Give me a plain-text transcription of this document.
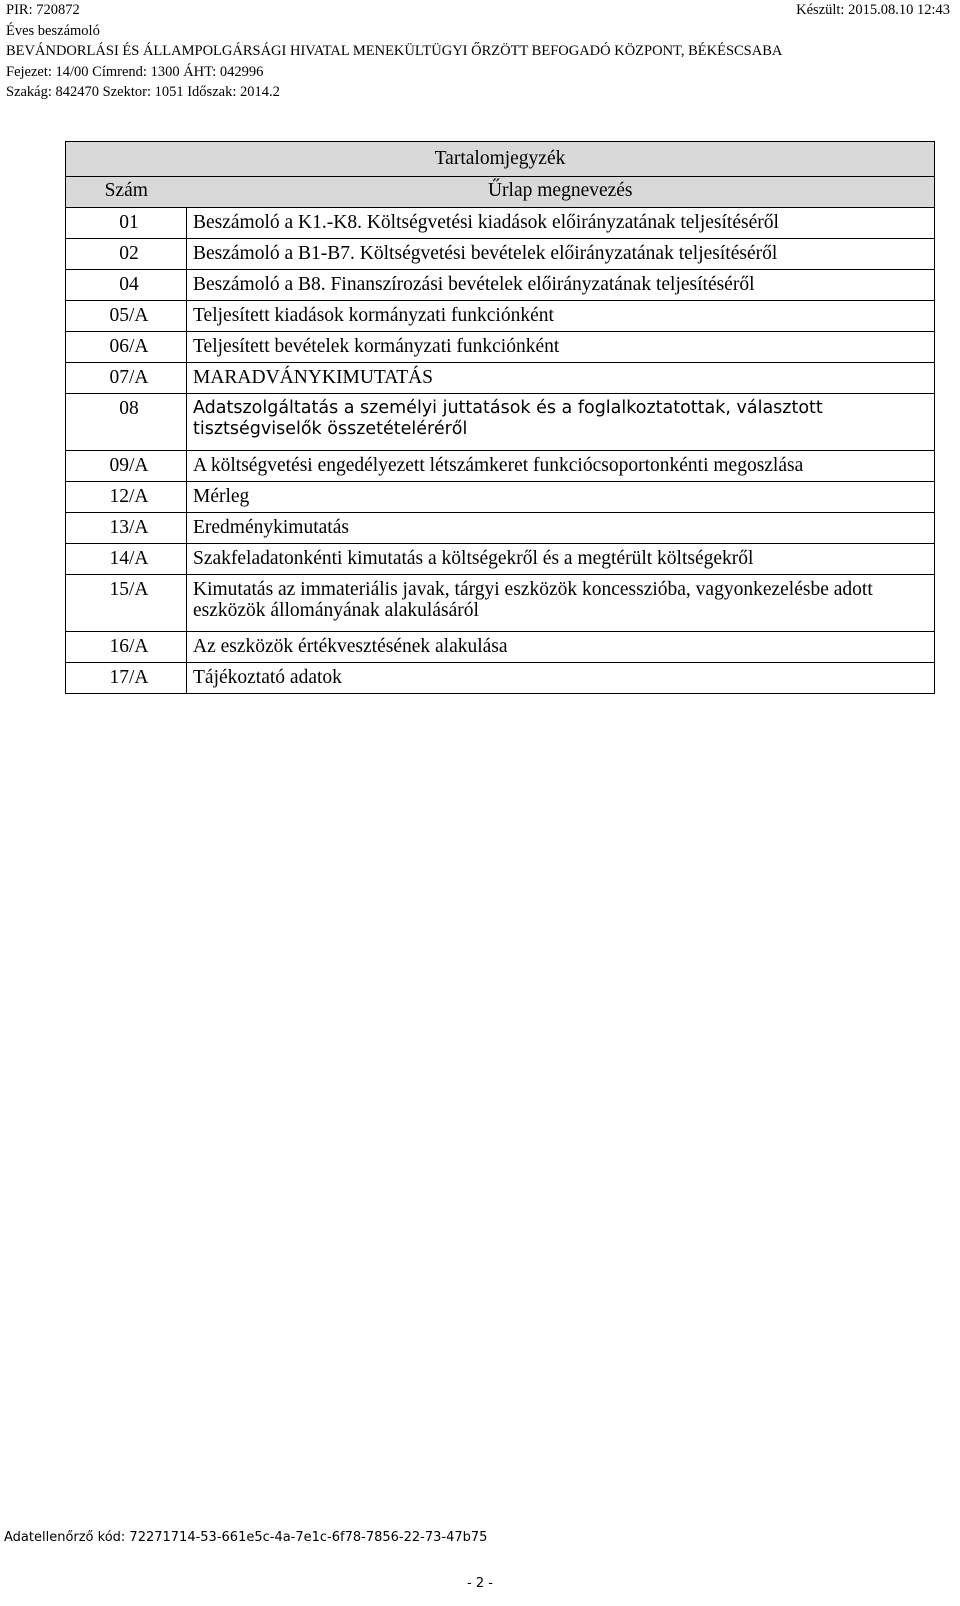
PIR: 720872	Készült: 2015.08.10 12:43
Éves beszámoló
BEVÁNDORLÁSI ÉS ÁLLAMPOLGÁRSÁGI HIVATAL MENEKÜLTÜGYI ŐRZÖTT BEFOGADÓ KÖZPONT, BÉKÉSCSABA
Fejezet: 14/00 Címrend: 1300 ÁHT: 042996
Szakág: 842470 Szektor: 1051 Időszak: 2014.2
Tartalomjegyzék	
Szám	Űrlap megnevezés
01	Beszámoló a K1.-K8. Költségvetési kiadások előirányzatának teljesítéséről
02	Beszámoló a B1-B7. Költségvetési bevételek előirányzatának teljesítéséről
04	Beszámoló a B8. Finanszírozási bevételek előirányzatának teljesítéséről
05/A	Teljesített kiadások kormányzati funkciónként
06/A	Teljesített bevételek kormányzati funkciónként
07/A	MARADVÁNYKIMUTATÁS
08	Adatszolgáltatás a személyi juttatások és a foglalkoztatottak, választott tisztségviselők összetételéréről
09/A	A költségvetési engedélyezett létszámkeret funkciócsoportonkénti megoszlása
12/A	Mérleg
13/A	Eredménykimutatás
14/A	Szakfeladatonkénti kimutatás a költségekről és a megtérült költségekről
15/A	Kimutatás az immateriális javak, tárgyi eszközök koncesszióba, vagyonkezelésbe adott eszközök állományának alakulásáról
16/A	Az eszközök értékvesztésének alakulása
17/A	Tájékoztató adatok
Adatellenőrző kód: 72271714-53-661e5c-4a-7e1c-6f78-7856-22-73-47b75
- 2 -
